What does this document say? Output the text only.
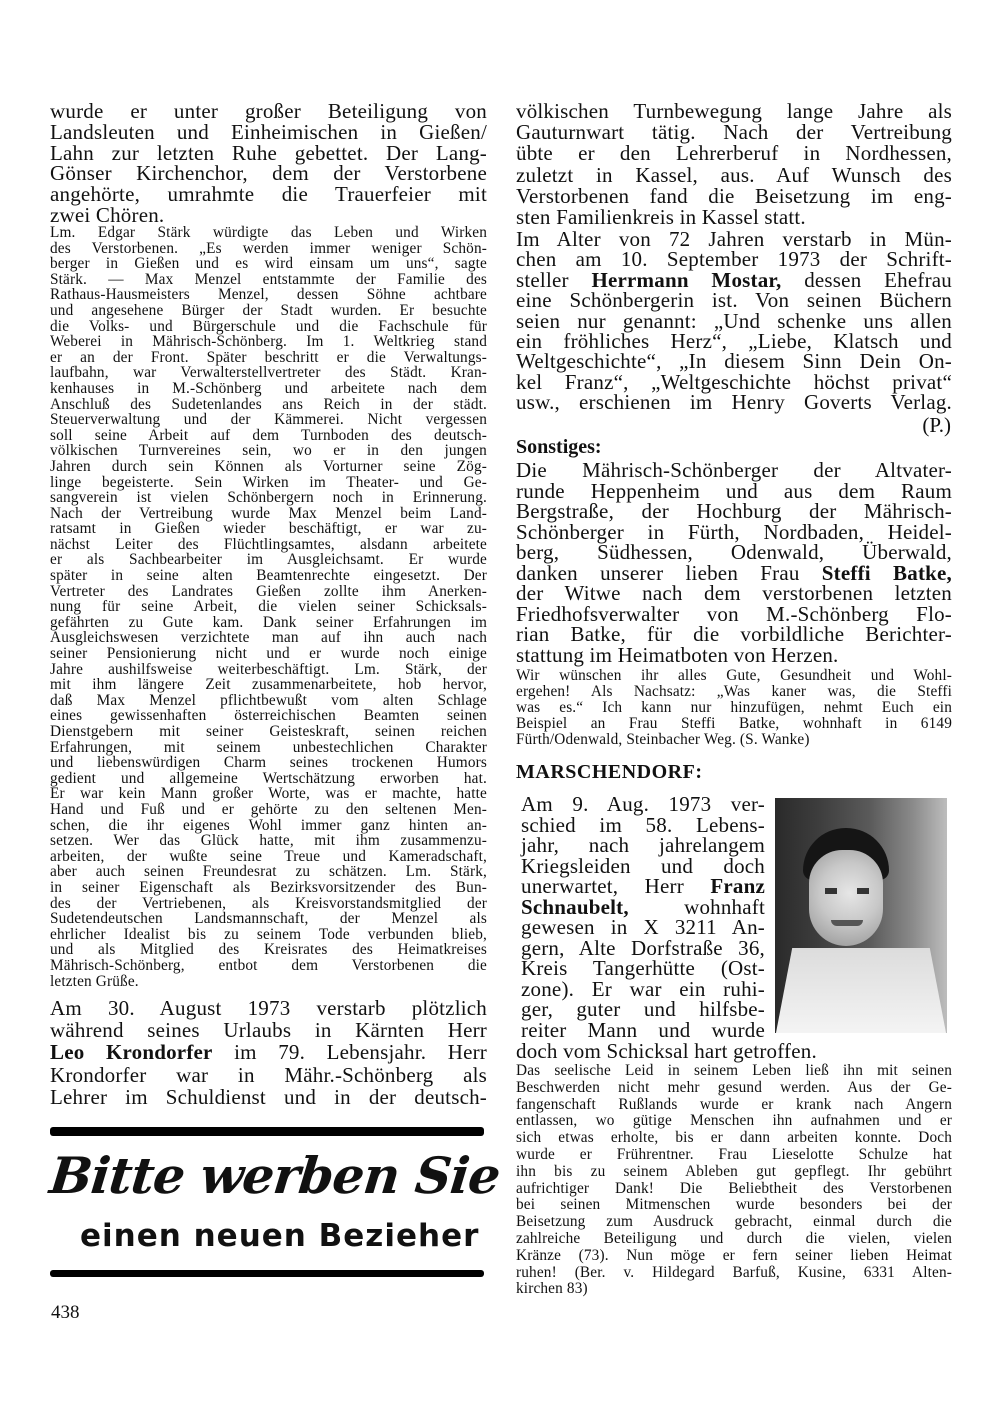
wurde er unter großer Beteiligung von
Landsleuten und Einheimischen in Gießen/
Lahn zur letzten Ruhe gebettet. Der Lang-
Gönser Kirchenchor, dem der Verstorbene
angehörte, umrahmte die Trauerfeier mit
zwei Chören.
Lm. Edgar Stärk würdigte das Leben und Wirken
des Verstorbenen. „Es werden immer weniger Schön-
berger in Gießen und es wird einsam um uns“, sagte
Stärk. — Max Menzel entstammte der Familie des
Rathaus-Hausmeisters Menzel, dessen Söhne achtbare
und angesehene Bürger der Stadt wurden. Er besuchte
die Volks- und Bürgerschule und die Fachschule für
Weberei in Mährisch-Schönberg. Im 1. Weltkrieg stand
er an der Front. Später beschritt er die Verwaltungs-
laufbahn, war Verwalterstellvertreter des Städt. Kran-
kenhauses in M.-Schönberg und arbeitete nach dem
Anschluß des Sudetenlandes ans Reich in der städt.
Steuerverwaltung und der Kämmerei. Nicht vergessen
soll seine Arbeit auf dem Turnboden des deutsch-
völkischen Turnvereines sein, wo er in den jungen
Jahren durch sein Können als Vorturner seine Zög-
linge begeisterte. Sein Wirken im Theater- und Ge-
sangverein ist vielen Schönbergern noch in Erinnerung.
Nach der Vertreibung wurde Max Menzel beim Land-
ratsamt in Gießen wieder beschäftigt, er war zu-
nächst Leiter des Flüchtlingsamtes, alsdann arbeitete
er als Sachbearbeiter im Ausgleichsamt. Er wurde
später in seine alten Beamtenrechte eingesetzt. Der
Vertreter des Landrates Gießen zollte ihm Anerken-
nung für seine Arbeit, die vielen seiner Schicksals-
gefährten zu Gute kam. Dank seiner Erfahrungen im
Ausgleichswesen verzichtete man auf ihn auch nach
seiner Pensionierung nicht und er wurde noch einige
Jahre aushilfsweise weiterbeschäftigt. Lm. Stärk, der
mit ihm längere Zeit zusammenarbeitete, hob hervor,
daß Max Menzel pflichtbewußt vom alten Schlage
eines gewissenhaften österreichischen Beamten seinen
Dienstgebern mit seiner Geisteskraft, seinen reichen
Erfahrungen, mit seinem unbestechlichen Charakter
und liebenswürdigen Charm seines trockenen Humors
gedient und allgemeine Wertschätzung erworben hat.
Er war kein Mann großer Worte, was er machte, hatte
Hand und Fuß und er gehörte zu den seltenen Men-
schen, die ihr eigenes Wohl immer ganz hinten an-
setzen. Wer das Glück hatte, mit ihm zusammenzu-
arbeiten, der wußte seine Treue und Kameradschaft,
aber auch seinen Freundesrat zu schätzen. Lm. Stärk,
in seiner Eigenschaft als Bezirksvorsitzender des Bun-
des der Vertriebenen, als Kreisvorstandsmitglied der
Sudetendeutschen Landsmannschaft, der Menzel als
ehrlicher Idealist bis zu seinem Tode verbunden blieb,
und als Mitglied des Kreisrates des Heimatkreises
Mährisch-Schönberg, entbot dem Verstorbenen die
letzten Grüße.
Am 30. August 1973 verstarb plötzlich
während seines Urlaubs in Kärnten Herr
Leo Krondorfer im 79. Lebensjahr. Herr
Krondorfer war in Mähr.-Schönberg als
Lehrer im Schuldienst und in der deutsch-
Bitte werben Sie
einen neuen Bezieher
438
völkischen Turnbewegung lange Jahre als
Gauturnwart tätig. Nach der Vertreibung
übte er den Lehrerberuf in Nordhessen,
zuletzt in Kassel, aus. Auf Wunsch des
Verstorbenen fand die Beisetzung im eng-
sten Familienkreis in Kassel statt.
Im Alter von 72 Jahren verstarb in Mün-
chen am 10. September 1973 der Schrift-
steller Herrmann Mostar, dessen Ehefrau
eine Schönbergerin ist. Von seinen Büchern
seien nur genannt: „Und schenke uns allen
ein fröhliches Herz“, „Liebe, Klatsch und
Weltgeschichte“, „In diesem Sinn Dein On-
kel Franz“, „Weltgeschichte höchst privat“
usw., erschienen im Henry Goverts Verlag.
(P.)
Sonstiges:
Die Mährisch-Schönberger der Altvater-
runde Heppenheim und aus dem Raum
Bergstraße, der Hochburg der Mährisch-
Schönberger in Fürth, Nordbaden, Heidel-
berg, Südhessen, Odenwald, Überwald,
danken unserer lieben Frau Steffi Batke,
der Witwe nach dem verstorbenen letzten
Friedhofsverwalter von M.-Schönberg Flo-
rian Batke, für die vorbildliche Berichter-
stattung im Heimatboten von Herzen.
Wir wünschen ihr alles Gute, Gesundheit und Wohl-
ergehen! Als Nachsatz: „Was kaner was, die Steffi
was es.“ Ich kann nur hinzufügen, nehmt Euch ein
Beispiel an Frau Steffi Batke, wohnhaft in 6149
Fürth/Odenwald, Steinbacher Weg. (S. Wanke)
MARSCHENDORF:
Am 9. Aug. 1973 ver-
schied im 58. Lebens-
jahr, nach jahrelangem
Kriegsleiden und doch
unerwartet, Herr Franz
Schnaubelt, wohnhaft
gewesen in X 3211 An-
gern, Alte Dorfstraße 36,
Kreis Tangerhütte (Ost-
zone). Er war ein ruhi-
ger, guter und hilfsbe-
reiter Mann und wurde
doch vom Schicksal hart getroffen.
Das seelische Leid in seinem Leben ließ ihn mit seinen
Beschwerden nicht mehr gesund werden. Aus der Ge-
fangenschaft Rußlands wurde er krank nach Angern
entlassen, wo gütige Menschen ihn aufnahmen und er
sich etwas erholte, bis er dann arbeiten konnte. Doch
wurde er Frührentner. Frau Lieselotte Schulze hat
ihn bis zu seinem Ableben gut gepflegt. Ihr gebührt
aufrichtiger Dank! Die Beliebtheit des Verstorbenen
bei seinen Mitmenschen wurde besonders bei der
Beisetzung zum Ausdruck gebracht, einmal durch die
zahlreiche Beteiligung und durch die vielen, vielen
Kränze (73). Nun möge er fern seiner lieben Heimat
ruhen! (Ber. v. Hildegard Barfuß, Kusine, 6331 Alten-
kirchen 83)
